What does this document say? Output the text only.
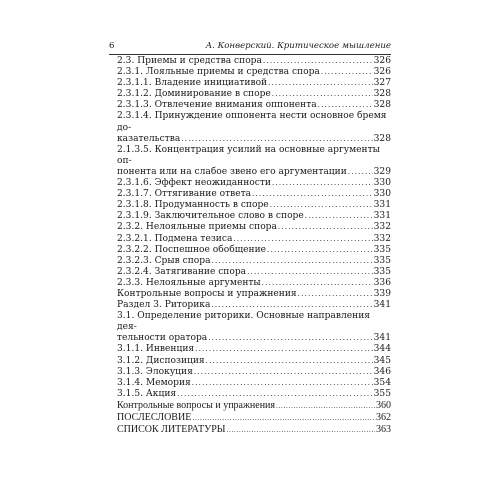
6	А. Конверский. Критическое мышление
2.3. Приемы и средства спора . . .	326
2.3.1. Лояльные приемы и средства спора . . .	326
2.3.1.1. Владение инициативой . . .	327
2.3.1.2. Доминирование в споре . . .	328
2.3.1.3. Отвлечение внимания оппонента . . .	328
2.3.1.4. Принуждение оппонента нести основное бремя до-
казательства . . .	328
2.1.3.5. Концентрация усилий на основные аргументы оп-
понента или на слабое звено его аргументации . . .	329
2.3.1.6. Эффект неожиданности . . .	330
2.3.1.7. Оттягивание ответа . . .	330
2.3.1.8. Продуманность в споре . . .	331
2.3.1.9. Заключительное слово в споре . . .	331
2.3.2. Нелояльные приемы спора . . .	332
2.3.2.1. Подмена тезиса . . .	332
2.3.2.2. Поспешное обобщение . . .	335
2.3.2.3. Срыв спора . . .	335
2.3.2.4. Затягивание спора . . .	335
2.3.3. Нелояльные аргументы . . .	336
Контрольные вопросы и упражнения . . .	339
Раздел 3. Риторика . . .	341
3.1. Определение риторики. Основные направления дея-
тельности оратора . . .	341
3.1.1. Инвенция . . .	344
3.1.2. Диспозиция . . .	345
3.1.3. Элокуция . . .	346
3.1.4. Мемория . . .	354
3.1.5. Акция . . .	355
Контрольные вопросы и упражнения . . .	360
ПОСЛЕСЛОВИЕ . . .	362
СПИСОК ЛИТЕРАТУРЫ . . .	363
